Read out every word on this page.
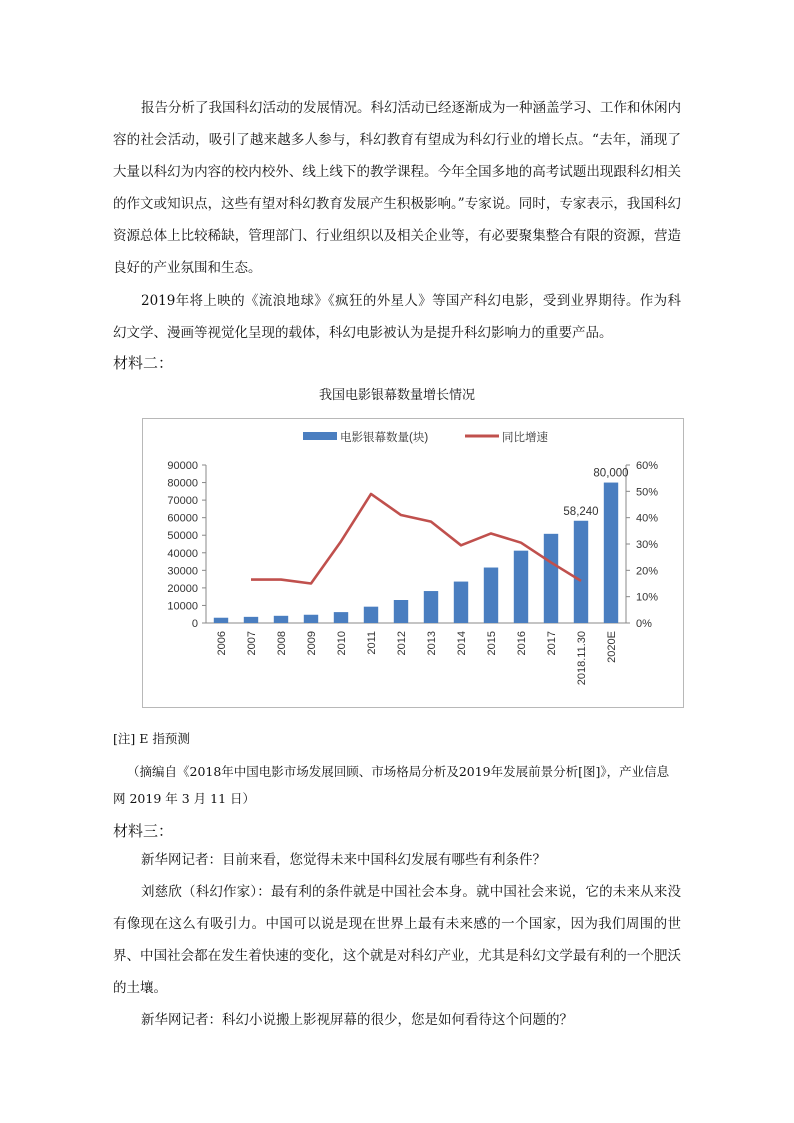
报告分析了我国科幻活动的发展情况。科幻活动已经逐渐成为一种涵盖学习、工作和休闲内容的社会活动，吸引了越来越多人参与，科幻教育有望成为科幻行业的增长点。“去年，涌现了大量以科幻为内容的校内校外、线上线下的教学课程。今年全国多地的高考试题出现跟科幻相关的作文或知识点，这些有望对科幻教育发展产生积极影响。”专家说。同时，专家表示，我国科幻资源总体上比较稀缺，管理部门、行业组织以及相关企业等，有必要聚集整合有限的资源，营造良好的产业氛围和生态。

2019年将上映的《流浪地球》《疯狂的外星人》等国产科幻电影，受到业界期待。作为科幻文学、漫画等视觉化呈现的载体，科幻电影被认为是提升科幻影响力的重要产品。

材料二：

我国电影银幕数量增长情况

0
10000
20000
30000
40000
50000
60000
70000
80000
90000
0%
10%
20%
30%
40%
50%
60%
58,240
80,000
2006 2007 2008 2009 2010 2011 2012 2013 2014 2015 2016 2017 2018.11.30 2020E
电影银幕数量(块)	同比增速

[注] E 指预测

（摘编自《2018年中国电影市场发展回顾、市场格局分析及2019年发展前景分析[图]》，产业信息网 2019 年 3 月 11 日）

材料三：

新华网记者：目前来看，您觉得未来中国科幻发展有哪些有利条件？

刘慈欣（科幻作家）：最有利的条件就是中国社会本身。就中国社会来说，它的未来从来没有像现在这么有吸引力。中国可以说是现在世界上最有未来感的一个国家，因为我们周围的世界、中国社会都在发生着快速的变化，这个就是对科幻产业，尤其是科幻文学最有利的一个肥沃的土壤。

新华网记者：科幻小说搬上影视屏幕的很少，您是如何看待这个问题的？
